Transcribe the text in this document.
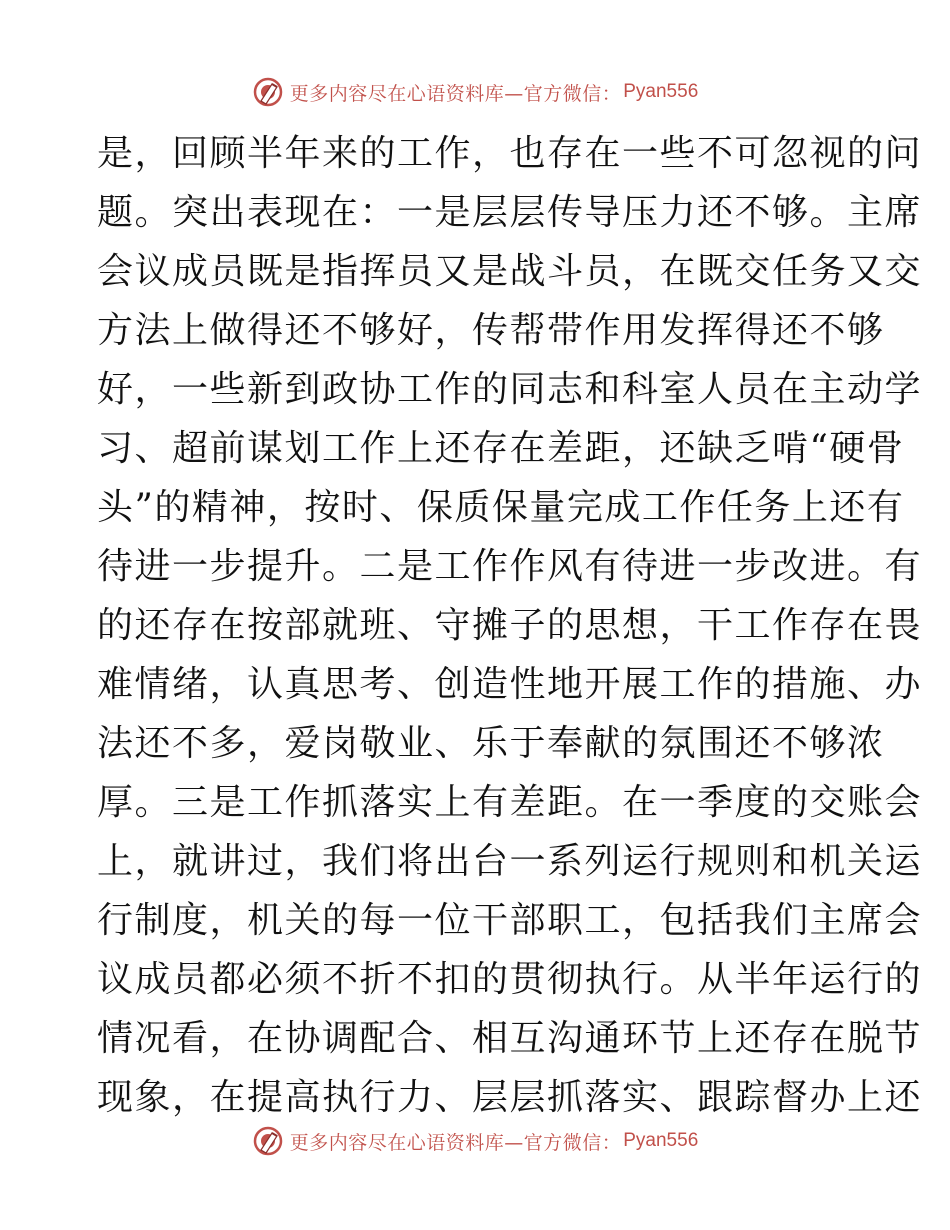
更多内容尽在心语资料库—官方微信： Pyan556
是，回顾半年来的工作，也存在一些不可忽视的问
题。突出表现在：一是层层传导压力还不够。主席
会议成员既是指挥员又是战斗员，在既交任务又交
方法上做得还不够好，传帮带作用发挥得还不够
好，一些新到政协工作的同志和科室人员在主动学
习、超前谋划工作上还存在差距，还缺乏啃“硬骨
头”的精神，按时、保质保量完成工作任务上还有
待进一步提升。二是工作作风有待进一步改进。有
的还存在按部就班、守摊子的思想，干工作存在畏
难情绪，认真思考、创造性地开展工作的措施、办
法还不多，爱岗敬业、乐于奉献的氛围还不够浓
厚。三是工作抓落实上有差距。在一季度的交账会
上，就讲过，我们将出台一系列运行规则和机关运
行制度，机关的每一位干部职工，包括我们主席会
议成员都必须不折不扣的贯彻执行。从半年运行的
情况看，在协调配合、相互沟通环节上还存在脱节
现象，在提高执行力、层层抓落实、跟踪督办上还
更多内容尽在心语资料库—官方微信： Pyan556
